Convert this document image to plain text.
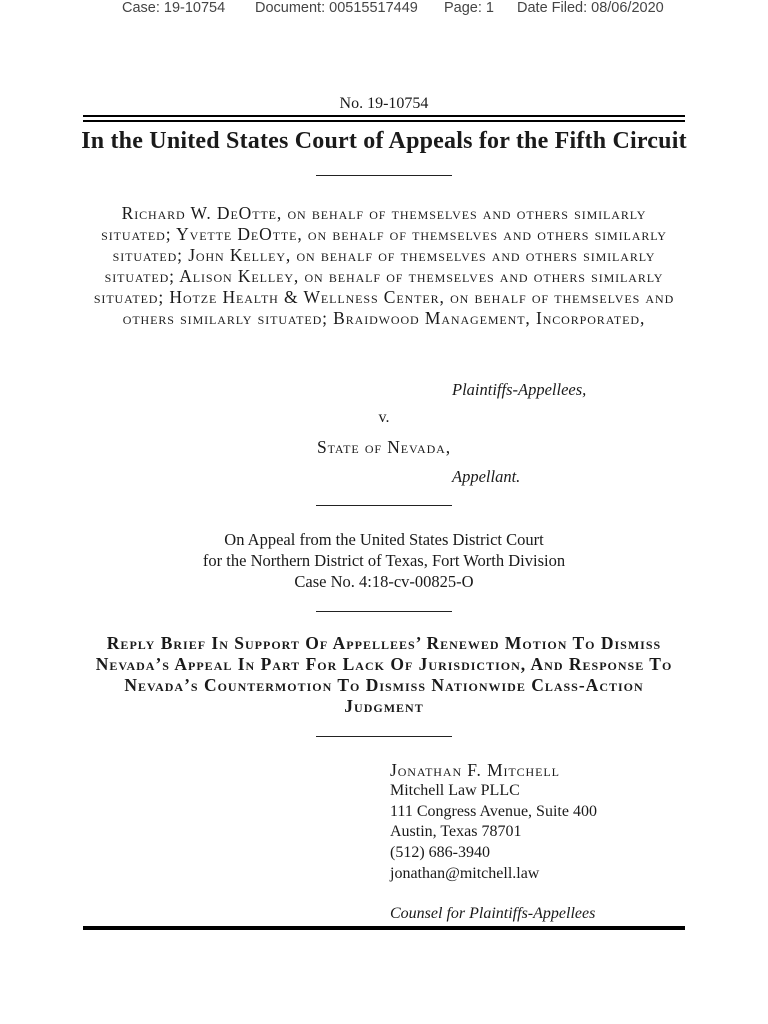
Case: 19-10754 Document: 00515517449 Page: 1 Date Filed: 08/06/2020
No. 19-10754
In the United States Court of Appeals for the Fifth Circuit
Richard W. DeOtte, on behalf of themselves and others similarly situated; Yvette DeOtte, on behalf of themselves and others similarly situated; John Kelley, on behalf of themselves and others similarly situated; Alison Kelley, on behalf of themselves and others similarly situated; Hotze Health & Wellness Center, on behalf of themselves and others similarly situated; Braidwood Management, Incorporated,
Plaintiffs-Appellees,
v.
State of Nevada,
Appellant.
On Appeal from the United States District Court
for the Northern District of Texas, Fort Worth Division
Case No. 4:18-cv-00825-O
Reply Brief In Support Of Appellees’ Renewed Motion To Dismiss Nevada’s Appeal In Part For Lack Of Jurisdiction, And Response To Nevada’s Countermotion To Dismiss Nationwide Class-Action Judgment
Jonathan F. Mitchell
Mitchell Law PLLC
111 Congress Avenue, Suite 400
Austin, Texas 78701
(512) 686-3940
jonathan@mitchell.law
Counsel for Plaintiffs-Appellees
